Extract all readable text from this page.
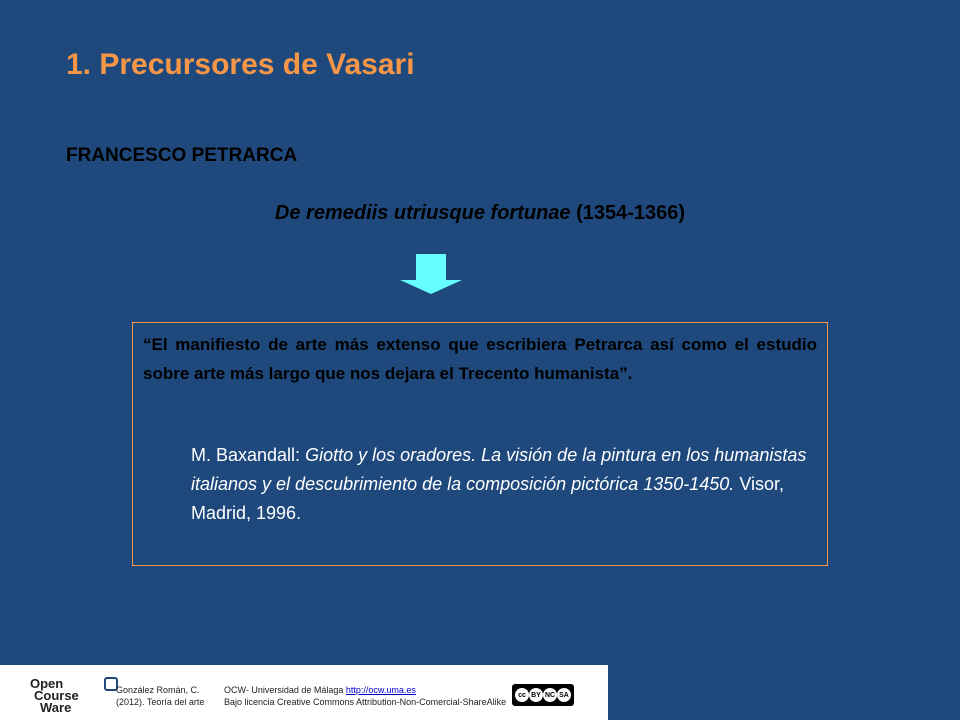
1. Precursores de Vasari
FRANCESCO PETRARCA
De remediis utriusque fortunae (1354-1366)
“El manifiesto de arte más extenso que escribiera Petrarca así como el estudio sobre arte más largo que nos dejara el Trecento humanista”.
M. Baxandall: Giotto y los oradores. La visión de la pintura en los humanistas italianos y el descubrimiento de la composición pictórica 1350-1450. Visor, Madrid, 1996.
Open
Course
Ware
González Román, C.
(2012). Teoría del arte
OCW- Universidad de Málaga http://ocw.uma.es
Bajo licencia Creative Commons Attribution-Non-Comercial-ShareAlike
cc BY NC SA
